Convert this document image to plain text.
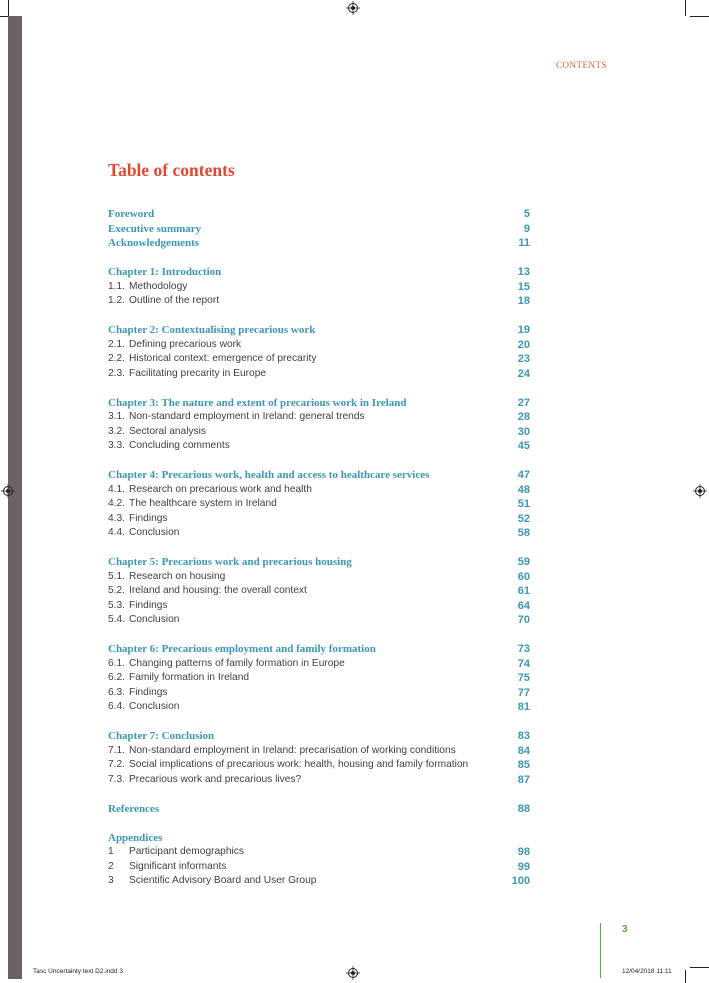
CONTENTS
Table of contents
Foreword	5
Executive summary	9
Acknowledgements	11
Chapter 1: Introduction	13
1.1. Methodology	15
1.2. Outline of the report	18
Chapter 2: Contextualising precarious work	19
2.1. Defining precarious work	20
2.2. Historical context: emergence of precarity	23
2.3. Facilitating precarity in Europe	24
Chapter 3: The nature and extent of precarious work in Ireland	27
3.1. Non-standard employment in Ireland: general trends	28
3.2. Sectoral analysis	30
3.3. Concluding comments	45
Chapter 4: Precarious work, health and access to healthcare services	47
4.1. Research on precarious work and health	48
4.2. The healthcare system in Ireland	51
4.3. Findings	52
4.4. Conclusion	58
Chapter 5: Precarious work and precarious housing	59
5.1. Research on housing	60
5.2. Ireland and housing: the overall context	61
5.3. Findings	64
5.4. Conclusion	70
Chapter 6: Precarious employment and family formation	73
6.1. Changing patterns of family formation in Europe	74
6.2. Family formation in Ireland	75
6.3. Findings	77
6.4. Conclusion	81
Chapter 7: Conclusion	83
7.1. Non-standard employment in Ireland: precarisation of working conditions	84
7.2. Social implications of precarious work: health, housing and family formation	85
7.3. Precarious work and precarious lives?	87
References	88
Appendices
1 Participant demographics	98
2 Significant informants	99
3 Scientific Advisory Board and User Group	100
3
Tasc Uncertainty text D2.indd 3	12/04/2018 11:11
